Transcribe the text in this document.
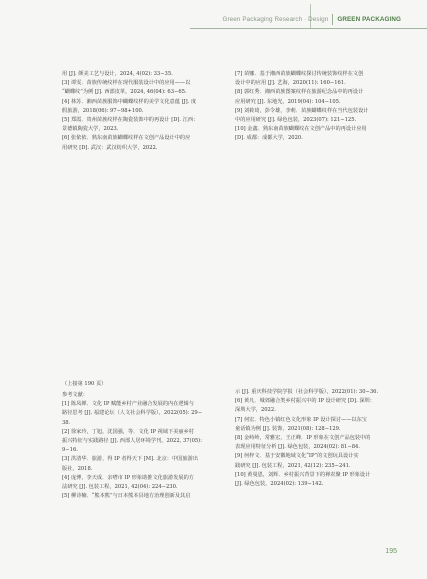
Green Packaging Research · Design GREEN PACKAGING

用 [J]. 颜美工艺与设计，2024, 4(02): 33−35.

[3] 谭雯．苗族传统纹样在现代服装设计中的应用——以

“蝴蝶纹”为例 [J]. 西部皮革，2024, 46(04): 63−65.

[4] 林苏．湘西苗族服饰中蝴蝶纹样的美学文化意蕴 [J]. 度

假旅游，2018(06): 97−98+100.

[5] 郑霞．贵州苗族纹样在陶瓷装饰中的再设计 [D]. 江西：

景德镇陶瓷大学，2023.

[6] 张依依．熟东南苗族蝴蝶纹样在文创产品设计中的应

用研究 [D]. 武汉：武汉纺织大学，2022.

[7] 苗娜．基于湘西苗族蝴蝶纹探讨传统装饰纹样在文创

设计中的应用 [J]. 艺海，2020(11): 160−161.

[8] 郭红秀．湘西苗族图案纹样在旅游纪念品中的再设计

应用研究 [J]. 东地光，2019(04): 104−105.

[9] 刘筱琦，彭令雄，李莉．苗族蝴蝶纹样在当代包装设计

中的应用研究 [J]. 绿色包装，2023(07): 121−125.

[10] 金鑫．熟东南苗族蝴蝶纹在文创产品中的再设计应用

[D]. 成都：成都大学，2020.

（上接第 190 页）

参考文献：

[1] 陈凤婵．文化 IP 赋能乡村产业融合发展的内在逻辑与

路径思考 [J]. 福建论坛（人文社会科学版），2022(05): 29−

38.

[2] 徐家玲，丁旭，沈国强，等．文化 IP 视域下美丽乡村

振兴特征与实践路径 [J]. 西部人居环境学刊，2022, 37(05):

9−16.

[3] 洪清华．旅游，得 IP 者得天下 [M]. 北京：中国旅游出

版社，2018.

[4] 庞博，李天成．亲嗒市 IP 形象助推文化旅游发展的方

法研究 [J]. 包装工程，2021, 42(04): 224−230.

[5] 柳诗楠．“熊本熊”与日本熊本县地方治理创新及其启

示 [J]. 重庆科技学院学报（社会科学版），2022(01): 30−36.

[6] 黄凡．城郊融合类乡村振兴中的 IP 设计研究 [D]. 深圳：

深圳大学，2022.

[7] 何宏．特色小镇红色文化形象 IP 设计探讨——以东宝

童话镇为例 [J]. 装饰，2021(08): 128−129.

[8] 金峙岭，常雅宏，王正峰．IP 形象在文创产品包装中的

表现应用特征分析 [J]. 绿色包装，2024(02): 81−84.

[9] 何梓文．基于安徽地域文化“IP”的文创玩具设计实

践研究 [J]. 包装工程，2021, 42(12): 235−241.

[10] 黄曼恩，刘辉．乡村振兴背景下的禅农聚 IP 形象设计

[J]. 绿色包装，2024(02): 139−142.

195
